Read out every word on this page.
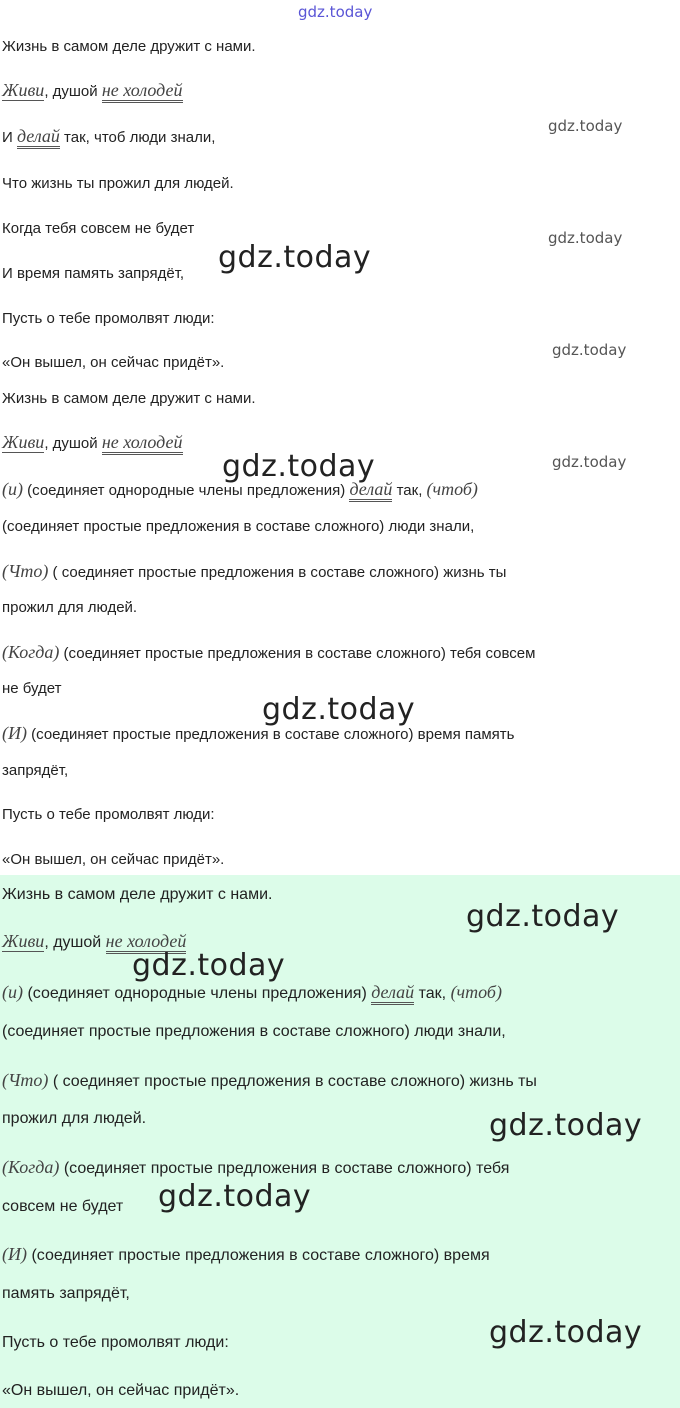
gdz.today
gdz.today
gdz.today
gdz.today
gdz.today
gdz.today
gdz.today
gdz.today
Жизнь в самом деле дружит с нами.
Живи, душой не холодей
И делай так, чтоб люди знали,
Что жизнь ты прожил для людей.
Когда тебя совсем не будет
И время память запрядёт,
Пусть о тебе промолвят люди:
«Он вышел, он сейчас придёт».
Жизнь в самом деле дружит с нами.
Живи, душой не холодей
(и) (соединяет однородные члены предложения) делай так, (чтоб)
(соединяет простые предложения в составе сложного) люди знали,
(Что) ( соединяет простые предложения в составе сложного) жизнь ты
прожил для людей.
(Когда) (соединяет простые предложения в составе сложного) тебя совсем
не будет
(И) (соединяет простые предложения в составе сложного) время память
запрядёт,
Пусть о тебе промолвят люди:
«Он вышел, он сейчас придёт».
Жизнь в самом деле дружит с нами.
Живи, душой не холодей
(и) (соединяет однородные члены предложения) делай так, (чтоб)
(соединяет простые предложения в составе сложного) люди знали,
(Что) ( соединяет простые предложения в составе сложного) жизнь ты
прожил для людей.
(Когда) (соединяет простые предложения в составе сложного) тебя
совсем не будет
(И) (соединяет простые предложения в составе сложного) время
память запрядёт,
Пусть о тебе промолвят люди:
«Он вышел, он сейчас придёт».
gdz.today
gdz.today
gdz.today
gdz.today
gdz.today
